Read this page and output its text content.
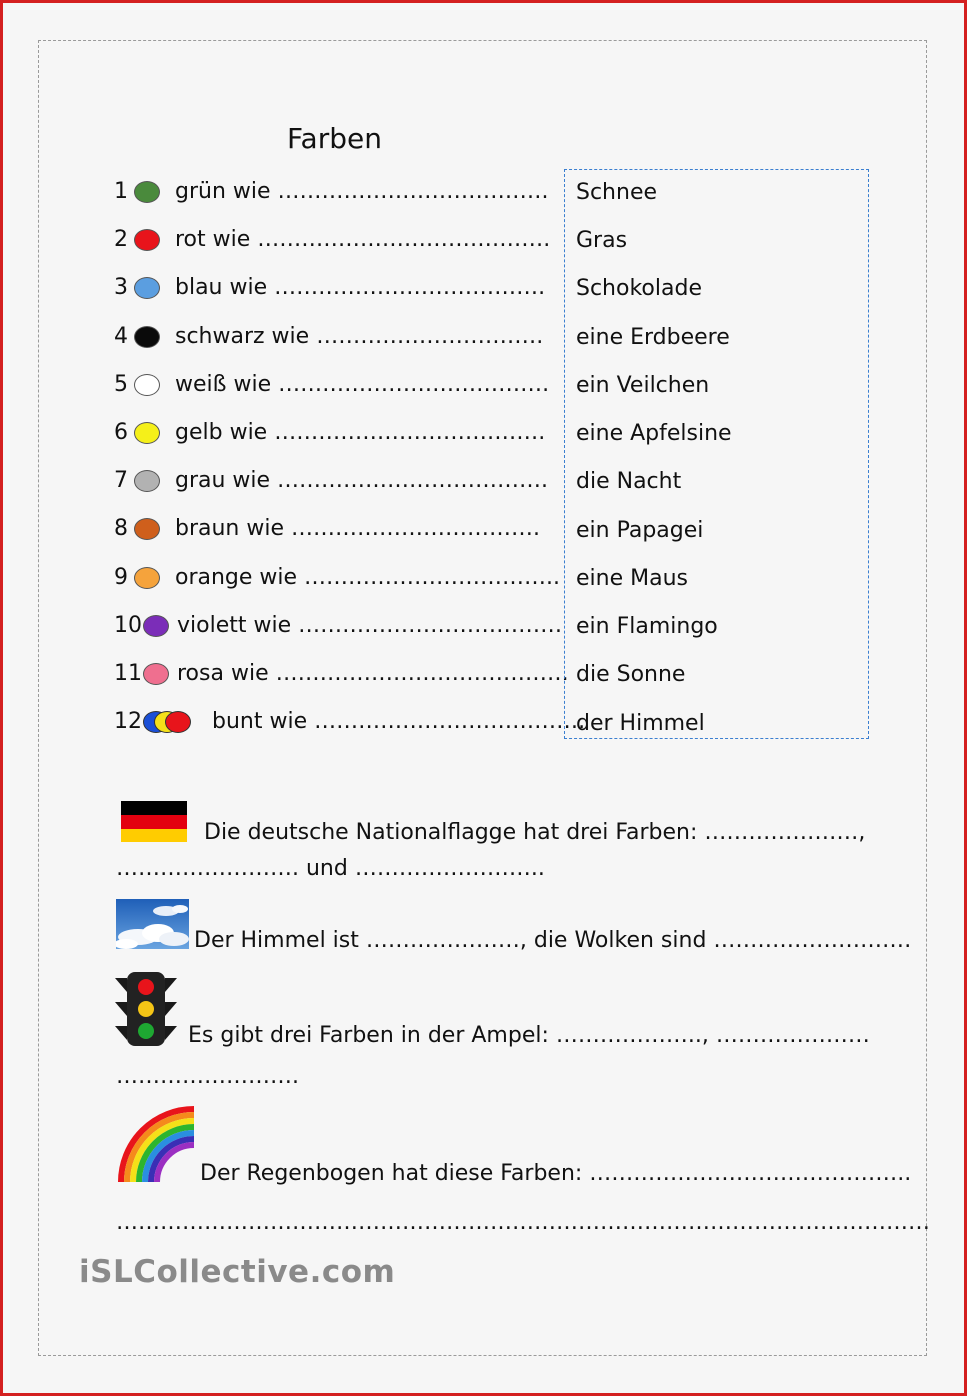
Farben
1 grün wie ……………………………….
2 rot wie ………………………………….
3 blau wie ……………………………….
4 schwarz wie ………………………….
5 weiß wie ……………………………….
6 gelb wie ……………………………….
7 grau wie ……………………………….
8 braun wie …………………………….
9 orange wie ……………………………..
10 violett wie ………………………………
11 rosa wie ………………………………….
12	bunt wie ……………………………….
Schnee
Gras
Schokolade
eine Erdbeere
ein Veilchen
eine Apfelsine
die Nacht
ein Papagei
eine Maus
ein Flamingo
die Sonne
der Himmel
Die deutsche Nationalflagge hat drei Farben: …………………,
……………………. und ……………………..
Der Himmel ist …………………, die Wolken sind ………………………
Es gibt drei Farben in der Ampel: ……………….., …………………
…………………….
Der Regenbogen hat diese Farben: ……………………………………..
…………………………………………………………………………………………………
iSLCollective.com
